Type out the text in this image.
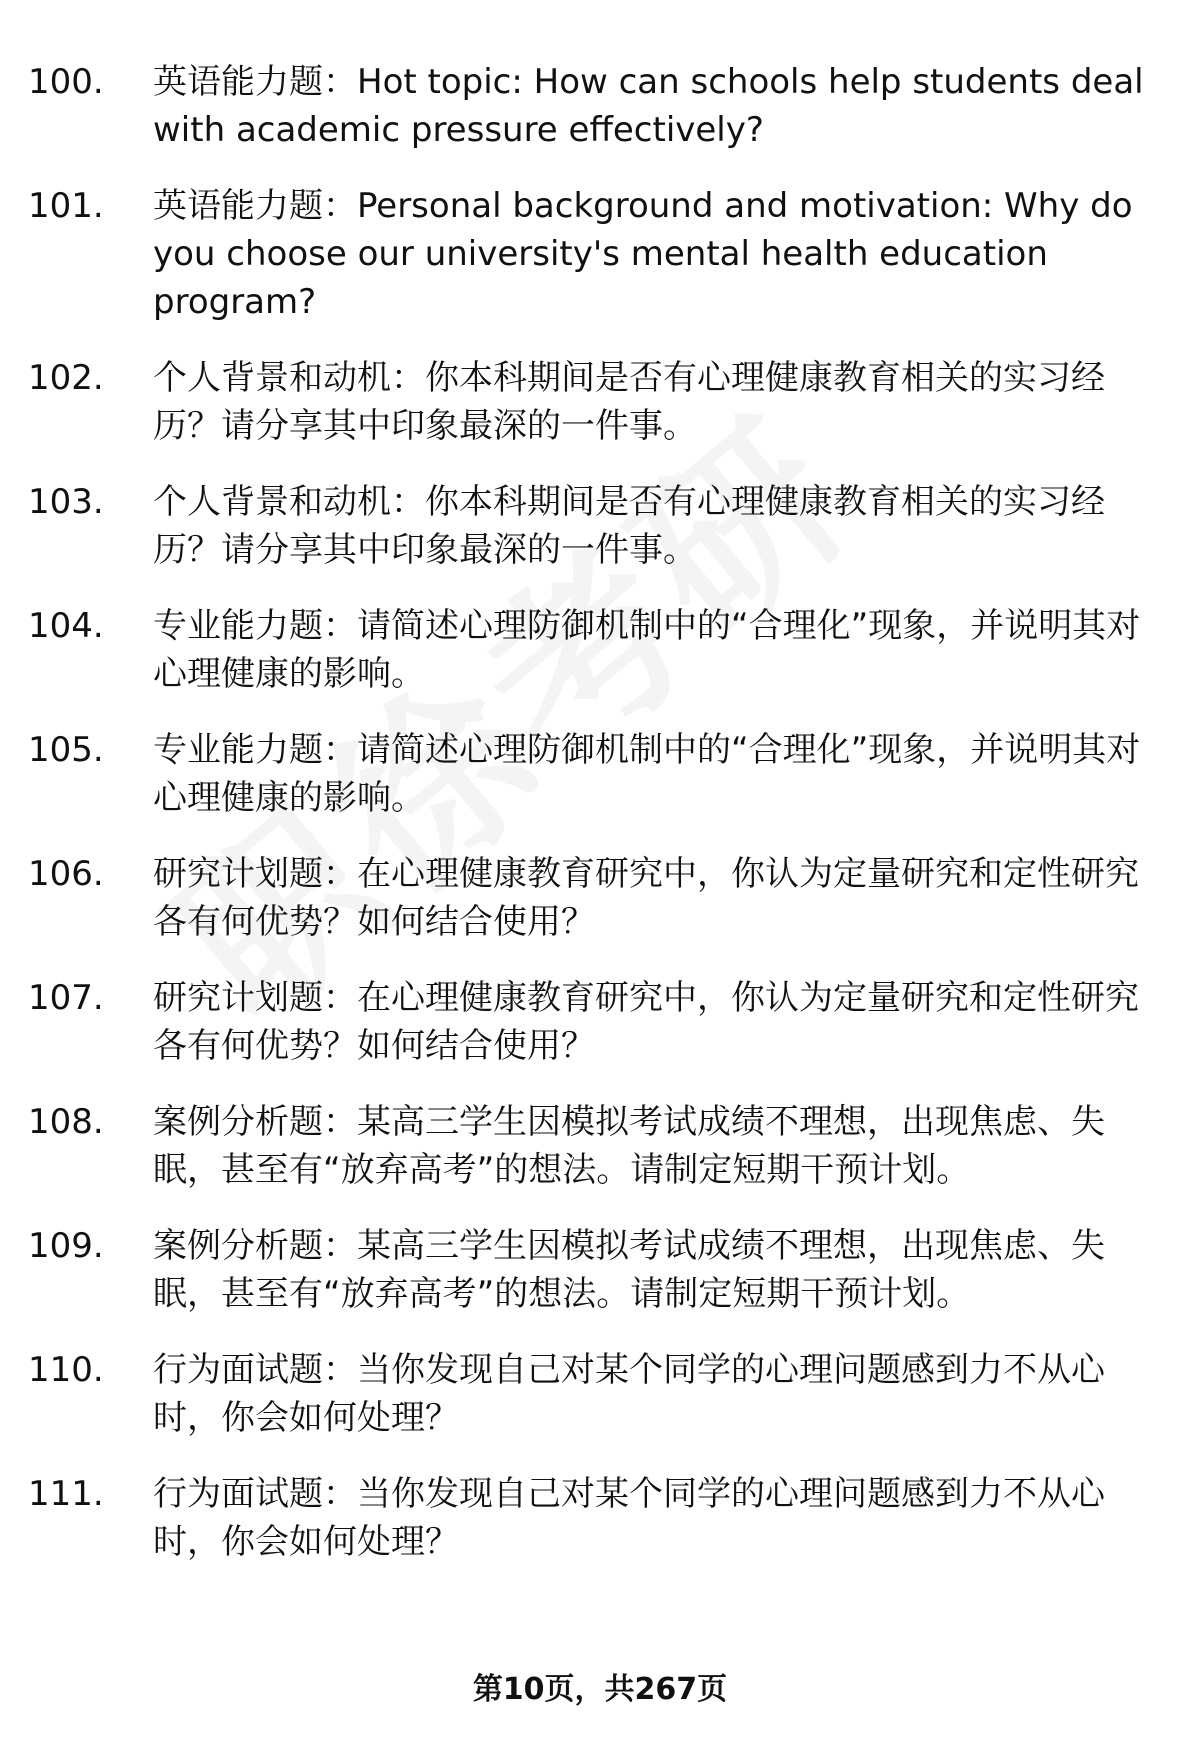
100.	英语能力题：Hot topic: How can schools help students deal with academic pressure effectively?
101.	英语能力题：Personal background and motivation: Why do you choose our university's mental health education program?
102.	个人背景和动机：你本科期间是否有心理健康教育相关的实习经历？请分享其中印象最深的一件事。
103.	个人背景和动机：你本科期间是否有心理健康教育相关的实习经历？请分享其中印象最深的一件事。
104.	专业能力题：请简述心理防御机制中的“合理化”现象，并说明其对心理健康的影响。
105.	专业能力题：请简述心理防御机制中的“合理化”现象，并说明其对心理健康的影响。
106.	研究计划题：在心理健康教育研究中，你认为定量研究和定性研究各有何优势？如何结合使用？
107.	研究计划题：在心理健康教育研究中，你认为定量研究和定性研究各有何优势？如何结合使用？
108.	案例分析题：某高三学生因模拟考试成绩不理想，出现焦虑、失眠，甚至有“放弃高考”的想法。请制定短期干预计划。
109.	案例分析题：某高三学生因模拟考试成绩不理想，出现焦虑、失眠，甚至有“放弃高考”的想法。请制定短期干预计划。
110.	行为面试题：当你发现自己对某个同学的心理问题感到力不从心时，你会如何处理？
111.	行为面试题：当你发现自己对某个同学的心理问题感到力不从心时，你会如何处理？
第10页，共267页
